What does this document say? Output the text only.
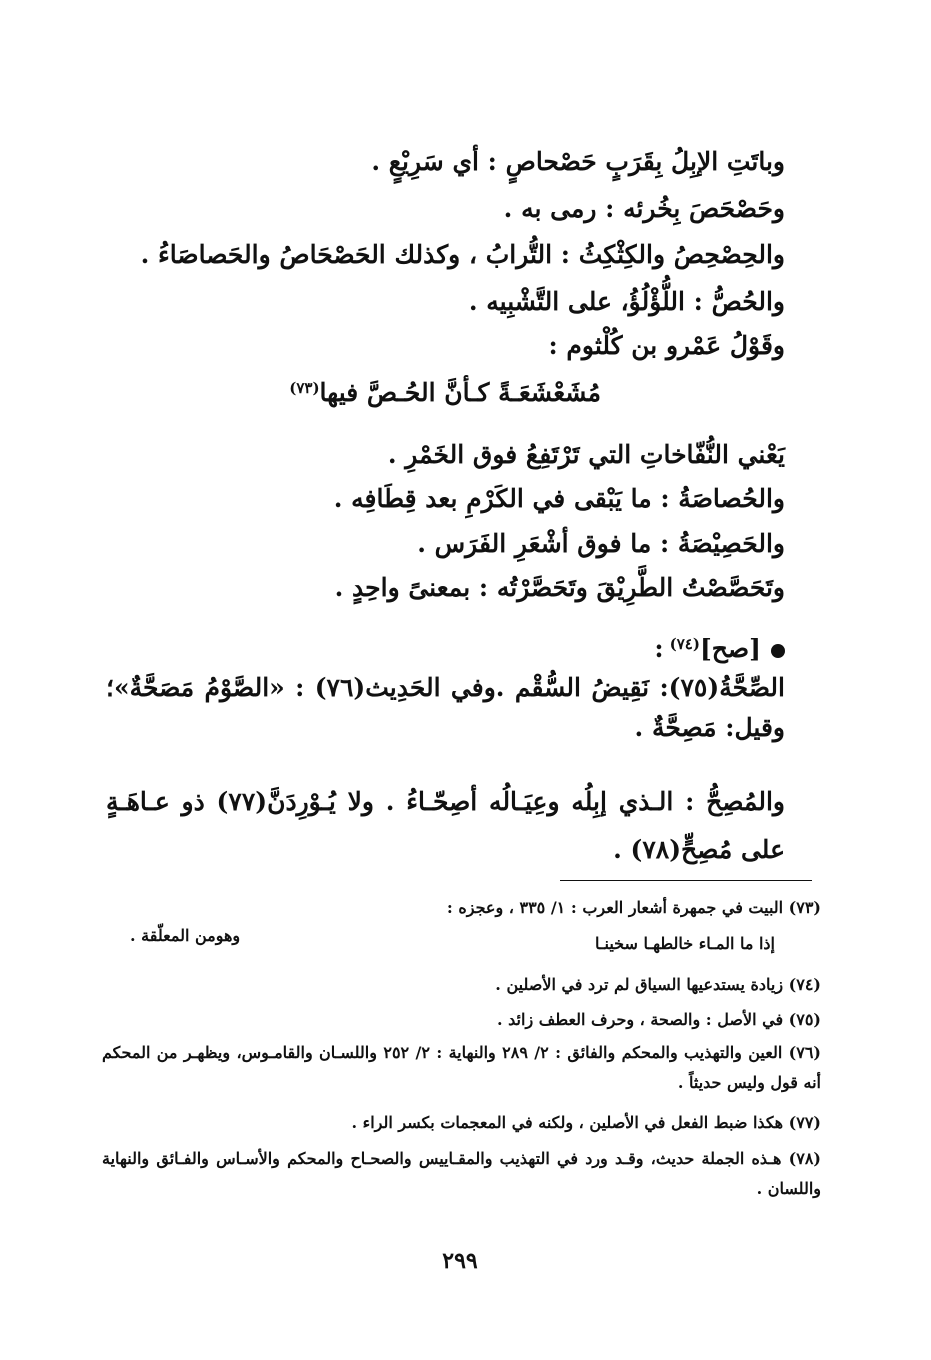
وباتَتِ الإبِلُ بِقَرَبٍ حَصْحاصٍ : أي سَرِيْعٍ .
وحَصْحَصَ بِخُرئه : رمى به .
والحِصْحِصُ والكِثْكِثُ : التُّرابُ ، وكذلك الحَصْحَاصُ والحَصاصَاءُ .
والحُصُّ : اللُّؤْلُؤُ، على التَّشْبِيه .
وقَوْلُ عَمْرو بن كُلْثوم :
مُشَعْشَعَـةً كـأنَّ الحُـصَّ فيها$^{(٧٣)}$
يَعْني النُّفّاخاتِ التي تَرْتَفِعُ فوق الخَمْرِ .
والحُصاصَةُ : ما يَبْقى في الكَرْمِ بعد قِطَافِه .
والحَصِيْصَةُ : ما فوق أشْعَرِ الفَرَس .
وتَحَصَّصْتُ الطَّرِيْقَ وتَحَصَّرْتُه : بمعنىً واحِدٍ .
[صح]$^{(٧٤)}$:
الصِّحَّةُ(٧٥): نَقِيضُ السُّقْم .وفي الحَدِيث(٧٦) : «الصَّوْمُ مَصَحَّةٌ»؛ وقيل: مَصِحَّةٌ .
والمُصِحُّ : الـذي إبِلُه وعِيَـالُه أصِحّـاءُ . ولا يُـوْرِدَنَّ(٧٧) ذو عـاهَـةٍ على مُصِحٍّ(٧٨) .
(٧٣) البيت في جمهرة أشعار العرب : ١/ ٣٣٥ ، وعجزه :
إذا ما المـاء خالطهـا سخينـا
وهومن المعلّقة .
(٧٤) زيادة يستدعيها السياق لم ترد في الأصلين .
(٧٥) في الأصل : والصحة ، وحرف العطف زائد .
(٧٦) العين والتهذيب والمحكم والفائق : ٢/ ٢٨٩ والنهاية : ٢/ ٢٥٢ واللسـان والقامـوس، ويظهـر من المحكم أنه قول وليس حديثاً .
(٧٧) هكذا ضبط الفعل في الأصلين ، ولكنه في المعجمات بكسر الراء .
(٧٨) هـذه الجملة حديث، وقـد ورد في التهذيب والمقـاييس والصحـاح والمحكم والأسـاس والفـائق والنهاية واللسان .
٢٩٩
